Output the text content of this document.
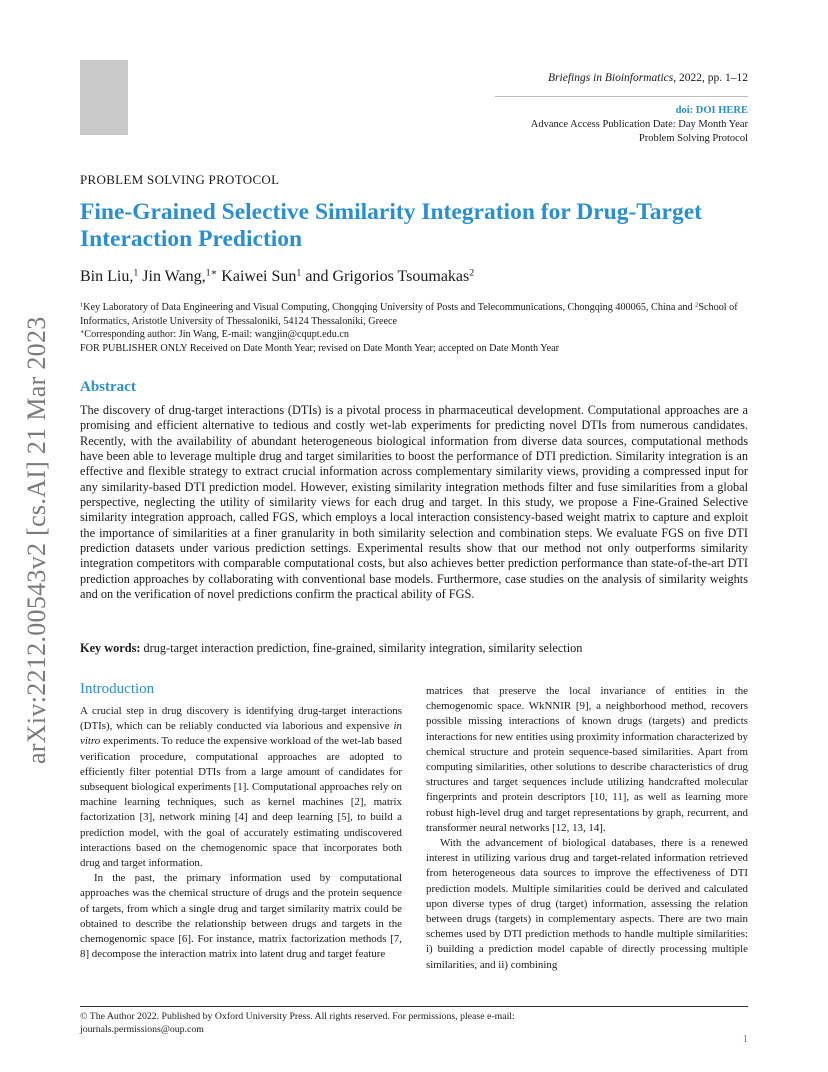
Briefings in Bioinformatics, 2022, pp. 1–12
doi: DOI HERE
Advance Access Publication Date: Day Month Year
Problem Solving Protocol
PROBLEM SOLVING PROTOCOL
Fine-Grained Selective Similarity Integration for Drug-Target Interaction Prediction
Bin Liu,$^1$ Jin Wang,$^{1∗}$ Kaiwei Sun$^1$ and Grigorios Tsoumakas$^2$
$^1$Key Laboratory of Data Engineering and Visual Computing, Chongqing University of Posts and Telecommunications, Chongqing 400065, China and $^2$School of Informatics, Aristotle University of Thessaloniki, 54124 Thessaloniki, Greece
∗Corresponding author: Jin Wang, E-mail: wangjin@cqupt.edu.cn
FOR PUBLISHER ONLY Received on Date Month Year; revised on Date Month Year; accepted on Date Month Year
arXiv:2212.00543v2 [cs.AI] 21 Mar 2023 Abstract
The discovery of drug-target interactions (DTIs) is a pivotal process in pharmaceutical development. Computational approaches are a promising and efficient alternative to tedious and costly wet-lab experiments for predicting novel DTIs from numerous candidates. Recently, with the availability of abundant heterogeneous biological information from diverse data sources, computational methods have been able to leverage multiple drug and target similarities to boost the performance of DTI prediction. Similarity integration is an effective and flexible strategy to extract crucial information across complementary similarity views, providing a compressed input for any similarity-based DTI prediction model. However, existing similarity integration methods filter and fuse similarities from a global perspective, neglecting the utility of similarity views for each drug and target. In this study, we propose a Fine-Grained Selective similarity integration approach, called FGS, which employs a local interaction consistency-based weight matrix to capture and exploit the importance of similarities at a finer granularity in both similarity selection and combination steps. We evaluate FGS on five DTI prediction datasets under various prediction settings. Experimental results show that our method not only outperforms similarity integration competitors with comparable computational costs, but also achieves better prediction performance than state-of-the-art DTI prediction approaches by collaborating with conventional base models. Furthermore, case studies on the analysis of similarity weights and on the verification of novel predictions confirm the practical ability of FGS.
Key words: drug-target interaction prediction, fine-grained, similarity integration, similarity selection
Introduction

A crucial step in drug discovery is identifying drug-target interactions (DTIs), which can be reliably conducted via laborious and expensive in vitro experiments. To reduce the expensive workload of the wet-lab based verification procedure, computational approaches are adopted to efficiently filter potential DTIs from a large amount of candidates for subsequent biological experiments [1]. Computational approaches rely on machine learning techniques, such as kernel machines [2], matrix factorization [3], network mining [4] and deep learning [5], to build a prediction model, with the goal of accurately estimating undiscovered interactions based on the chemogenomic space that incorporates both drug and target information.

In the past, the primary information used by computational approaches was the chemical structure of drugs and the protein sequence of targets, from which a single drug and target similarity matrix could be obtained to describe the relationship between drugs and targets in the chemogenomic space [6]. For instance, matrix factorization methods [7, 8] decompose the interaction matrix into latent drug and target feature

matrices that preserve the local invariance of entities in the chemogenomic space. WkNNIR [9], a neighborhood method, recovers possible missing interactions of known drugs (targets) and predicts interactions for new entities using proximity information characterized by chemical structure and protein sequence-based similarities. Apart from computing similarities, other solutions to describe characteristics of drug structures and target sequences include utilizing handcrafted molecular fingerprints and protein descriptors [10, 11], as well as learning more robust high-level drug and target representations by graph, recurrent, and transformer neural networks [12, 13, 14].

With the advancement of biological databases, there is a renewed interest in utilizing various drug and target-related information retrieved from heterogeneous data sources to improve the effectiveness of DTI prediction models. Multiple similarities could be derived and calculated upon diverse types of drug (target) information, assessing the relation between drugs (targets) in complementary aspects. There are two main schemes used by DTI prediction methods to handle multiple similarities: i) building a prediction model capable of directly processing multiple similarities, and ii) combining

© The Author 2022. Published by Oxford University Press. All rights reserved. For permissions, please e-mail:
journals.permissions@oup.com
1
